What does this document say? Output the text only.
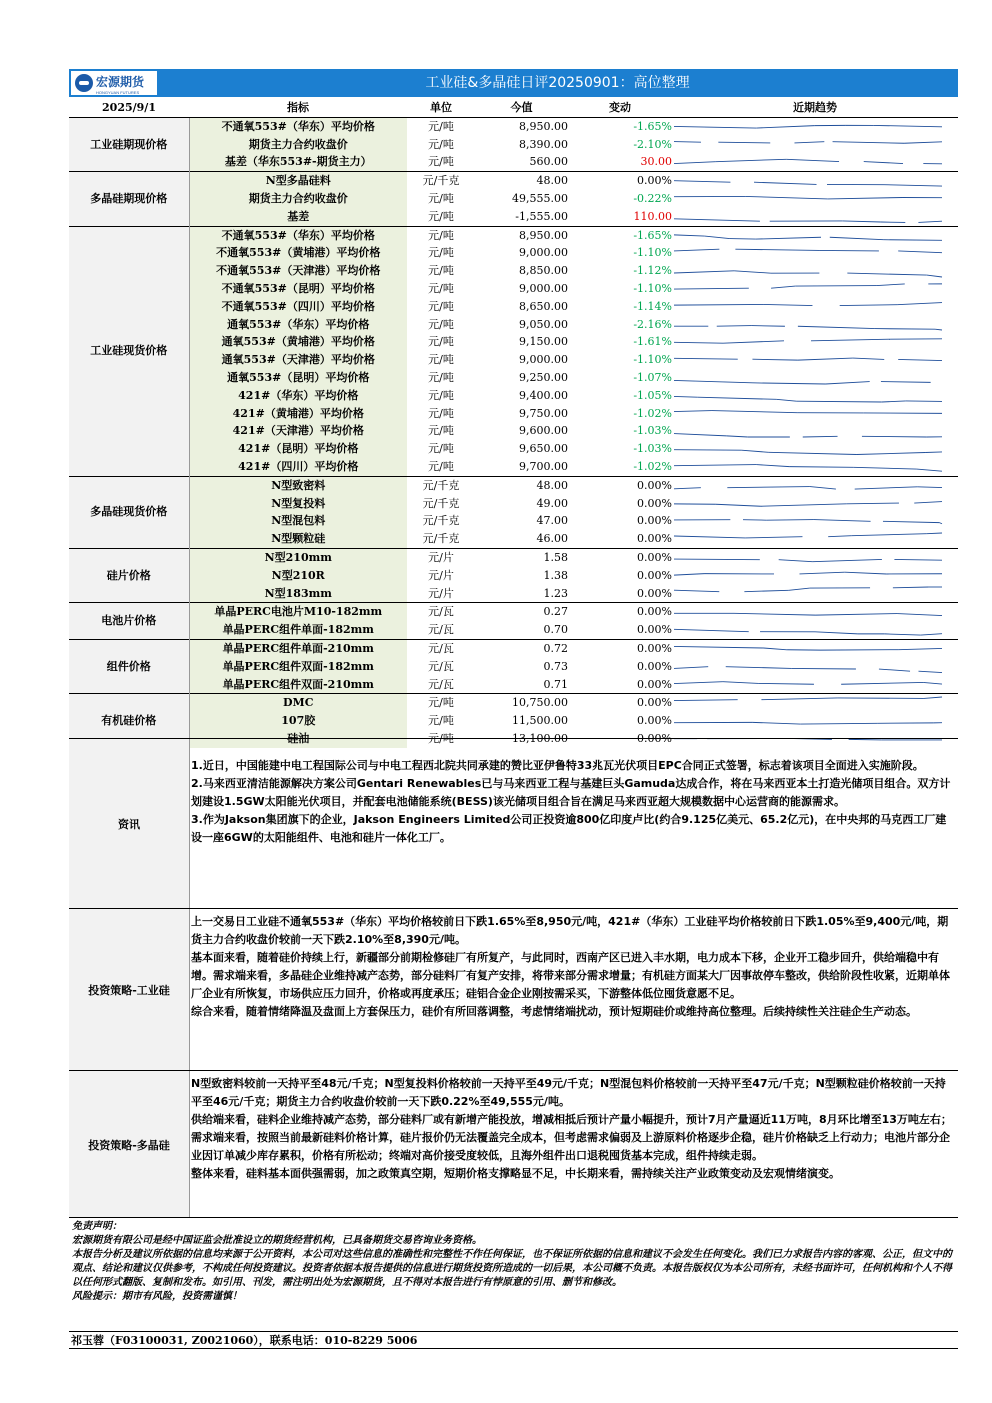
宏源期货
HONGYUAN FUTURES
工业硅&多晶硅日评20250901：高位整理
2025/9/1	指标	单位	今值	变动	近期趋势
工业硅期现价格	不通氧553#（华东）平均价格	元/吨	8,950.00	-1.65%	

	期货主力合约收盘价	元/吨	8,390.00	-2.10%	

	基差（华东553#-期货主力）	元/吨	560.00	30.00	

多晶硅期现价格	N型多晶硅料	元/千克	48.00	0.00%	

	期货主力合约收盘价	元/吨	49,555.00	-0.22%	

	基差	元/吨	-1,555.00	110.00	

工业硅现货价格	不通氧553#（华东）平均价格	元/吨	8,950.00	-1.65%	

	不通氧553#（黄埔港）平均价格	元/吨	9,000.00	-1.10%	

	不通氧553#（天津港）平均价格	元/吨	8,850.00	-1.12%	

	不通氧553#（昆明）平均价格	元/吨	9,000.00	-1.10%	

	不通氧553#（四川）平均价格	元/吨	8,650.00	-1.14%	

	通氧553#（华东）平均价格	元/吨	9,050.00	-2.16%	

	通氧553#（黄埔港）平均价格	元/吨	9,150.00	-1.61%	

	通氧553#（天津港）平均价格	元/吨	9,000.00	-1.10%	

	通氧553#（昆明）平均价格	元/吨	9,250.00	-1.07%	

	421#（华东）平均价格	元/吨	9,400.00	-1.05%	

	421#（黄埔港）平均价格	元/吨	9,750.00	-1.02%	

	421#（天津港）平均价格	元/吨	9,600.00	-1.03%	

	421#（昆明）平均价格	元/吨	9,650.00	-1.03%	

	421#（四川）平均价格	元/吨	9,700.00	-1.02%	

多晶硅现货价格	N型致密料	元/千克	48.00	0.00%	

	N型复投料	元/千克	49.00	0.00%	

	N型混包料	元/千克	47.00	0.00%	

	N型颗粒硅	元/千克	46.00	0.00%	

硅片价格	N型210mm	元/片	1.58	0.00%	

	N型210R	元/片	1.38	0.00%	

	N型183mm	元/片	1.23	0.00%	

电池片价格	单晶PERC电池片M10-182mm	元/瓦	0.27	0.00%	

	单晶PERC组件单面-182mm	元/瓦	0.70	0.00%	

组件价格	单晶PERC组件单面-210mm	元/瓦	0.72	0.00%	

	单晶PERC组件双面-182mm	元/瓦	0.73	0.00%	

	单晶PERC组件双面-210mm	元/瓦	0.71	0.00%	

有机硅价格	DMC	元/吨	10,750.00	0.00%	

	107胶	元/吨	11,500.00	0.00%	

	硅油	元/吨	13,100.00	0.00%	
资讯

1.近日，中国能建中电工程国际公司与中电工程西北院共同承建的赞比亚伊鲁特33兆瓦光伏项目EPC合同正式签署，标志着该项目全面进入实施阶段。

2.马来西亚清洁能源解决方案公司Gentari Renewables已与马来西亚工程与基建巨头Gamuda达成合作，将在马来西亚本土打造光储项目组合。双方计划建设1.5GW太阳能光伏项目，并配套电池储能系统(BESS)该光储项目组合旨在满足马来西亚超大规模数据中心运营商的能源需求。

3.作为Jakson集团旗下的企业，Jakson Engineers Limited公司正投资逾800亿印度卢比(约合9.125亿美元、65.2亿元)，在中央邦的马克西工厂建设一座6GW的太阳能组件、电池和硅片一体化工厂。

投资策略-工业硅

上一交易日工业硅不通氧553#（华东）平均价格较前日下跌1.65%至8,950元/吨，421#（华东）工业硅平均价格较前日下跌1.05%至9,400元/吨，期货主力合约收盘价较前一天下跌2.10%至8,390元/吨。

基本面来看，随着硅价持续上行，新疆部分前期检修硅厂有所复产，与此同时，西南产区已进入丰水期，电力成本下移，企业开工稳步回升，供给端稳中有增。需求端来看，多晶硅企业维持减产态势，部分硅料厂有复产安排，将带来部分需求增量；有机硅方面某大厂因事故停车整改，供给阶段性收紧，近期单体厂企业有所恢复，市场供应压力回升，价格或再度承压；硅铝合金企业刚按需采买，下游整体低位囤货意愿不足。

综合来看，随着情绪降温及盘面上方套保压力，硅价有所回落调整，考虑情绪端扰动，预计短期硅价或维持高位整理。后续持续性关注硅企生产动态。

投资策略-多晶硅

N型致密料较前一天持平至48元/千克；N型复投料价格较前一天持平至49元/千克；N型混包料价格较前一天持平至47元/千克；N型颗粒硅价格较前一天持平至46元/千克；期货主力合约收盘价较前一天下跌0.22%至49,555元/吨。

供给端来看，硅料企业维持减产态势，部分硅料厂或有新增产能投放，增减相抵后预计产量小幅提升，预计7月产量逼近11万吨，8月环比增至13万吨左右；需求端来看，按照当前最新硅料价格计算，硅片报价仍无法覆盖完全成本，但考虑需求偏弱及上游原料价格逐步企稳，硅片价格缺乏上行动力；电池片部分企业因订单减少库存累积，价格有所松动；终端对高价接受度较低，且海外组件出口退税囤货基本完成，组件持续走弱。

整体来看，硅料基本面供强需弱，加之政策真空期，短期价格支撑略显不足，中长期来看，需持续关注产业政策变动及宏观情绪演变。

免责声明：

宏源期货有限公司是经中国证监会批准设立的期货经营机构，已具备期货交易咨询业务资格。

本报告分析及建议所依据的信息均来源于公开资料，本公司对这些信息的准确性和完整性不作任何保证，也不保证所依据的信息和建议不会发生任何变化。我们已力求报告内容的客观、公正，但文中的观点、结论和建议仅供参考，不构成任何投资建议。投资者依据本报告提供的信息进行期货投资所造成的一切后果，本公司概不负责。本报告版权仅为本公司所有，未经书面许可，任何机构和个人不得以任何形式翻版、复制和发布。如引用、刊发，需注明出处为宏源期货，且不得对本报告进行有悖原意的引用、删节和修改。

风险提示：期市有风险，投资需谨慎！

祁玉蓉（F03100031, Z0021060），联系电话：010-8229 5006
